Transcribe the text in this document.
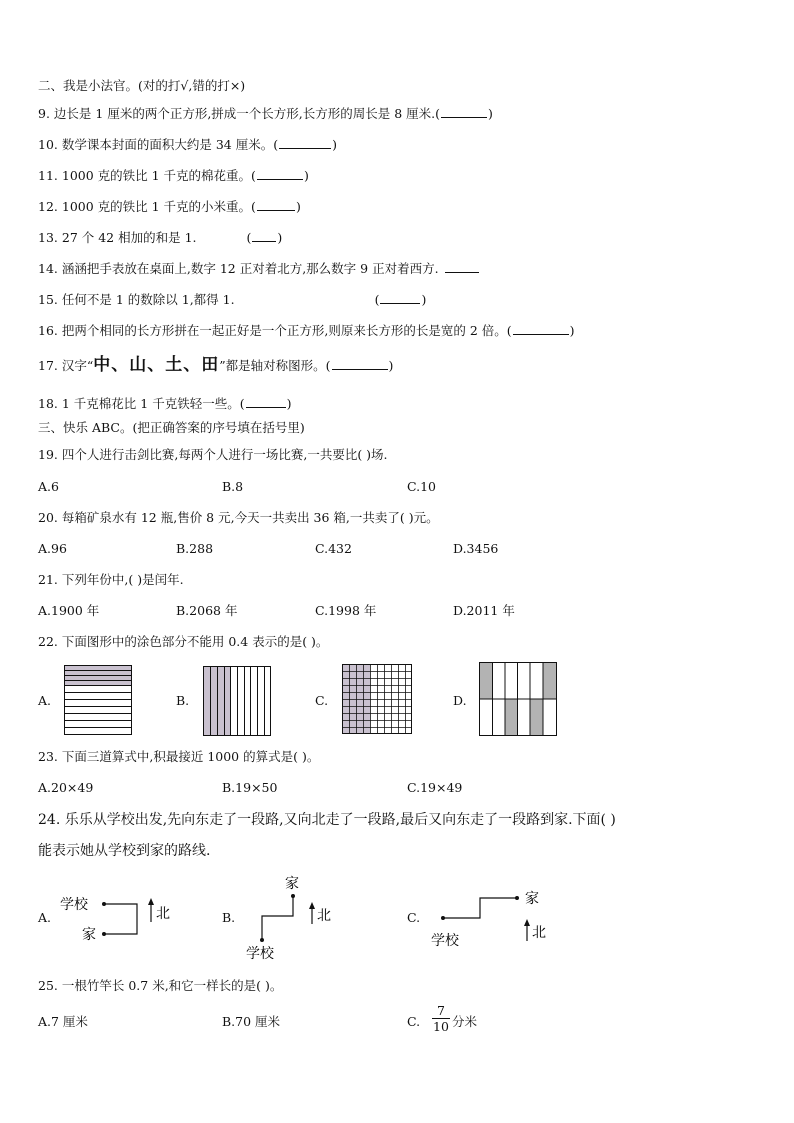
二、我是小法官。(对的打√,错的打×)
9. 边长是 1 厘米的两个正方形,拼成一个长方形,长方形的周长是 8 厘米.(	)
10. 数学课本封面的面积大约是 34 厘米。(	)
11. 1000 克的铁比 1 千克的棉花重。(	)
12. 1000 克的铁比 1 千克的小米重。(	)
13. 27 个 42 相加的和是 1.	( )
14. 涵涵把手表放在桌面上,数字 12 正对着北方,那么数字 9 正对着西方.
15. 任何不是 1 的数除以 1,都得 1.	(	)
16. 把两个相同的长方形拼在一起正好是一个正方形,则原来长方形的长是宽的 2 倍。(	)
17. 汉字“中、山、土、田”都是轴对称图形。(	)
18. 1 千克棉花比 1 千克铁轻一些。(	)
三、快乐 ABC。(把正确答案的序号填在括号里)
19. 四个人进行击剑比赛,每两个人进行一场比赛,一共要比( )场.
A.6	B.8	C.10
20. 每箱矿泉水有 12 瓶,售价 8 元,今天一共卖出 36 箱,一共卖了( )元。
A.96	B.288	C.432	D.3456
21. 下列年份中,( )是闰年.
A.1900 年	B.2068 年	C.1998 年	D.2011 年
22. 下面图形中的涂色部分不能用 0.4 表示的是( )。
A.	B.	C.	D.
23. 下面三道算式中,积最接近 1000 的算式是( )。
A.20×49	B.19×50	C.19×49
24. 乐乐从学校出发,先向东走了一段路,又向北走了一段路,最后又向东走了一段路到家.下面( )
能表示她从学校到家的路线.
A.	B.	C.
学校
家
北
家
学校
北
家
学校	北
25. 一根竹竿长 0.7 米,和它一样长的是( )。
A.7 厘米	B.70 厘米	C.
7
10 分米
